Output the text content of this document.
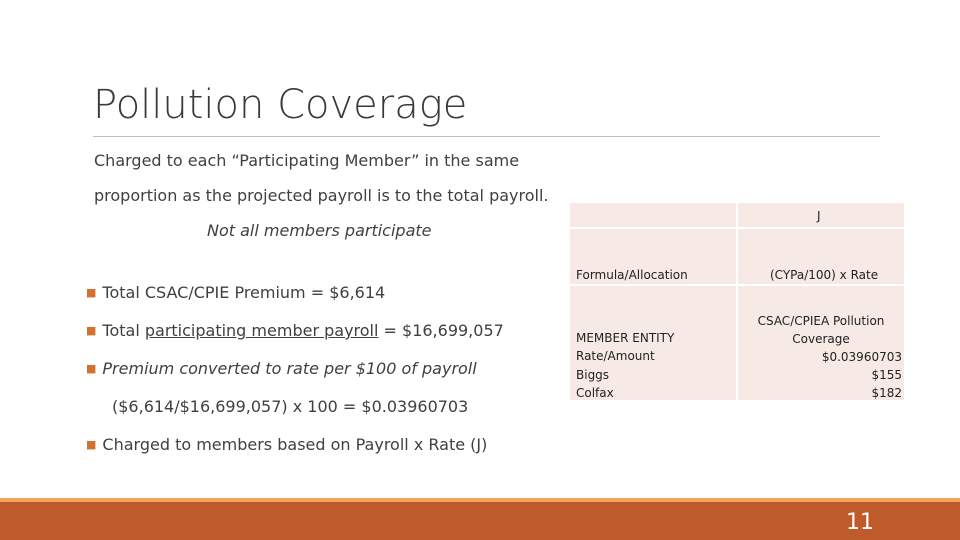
Pollution Coverage
Charged to each “Participating Member” in the same
proportion as the projected payroll is to the total payroll.
Not all members participate
■ Total CSAC/CPIE Premium = $6,614
■ Total participating member payroll = $16,699,057
■ Premium converted to rate per $100 of payroll
($6,614/$16,699,057) x 100 = $0.03960703
■ Charged to members based on Payroll x Rate (J)
J
Formula/Allocation	(CYPa/100) x Rate
MEMBER ENTITY
Rate/Amount
Biggs
Colfax
CSAC/CPIEA Pollution
Coverage
$0.03960703
$155
$182
11
